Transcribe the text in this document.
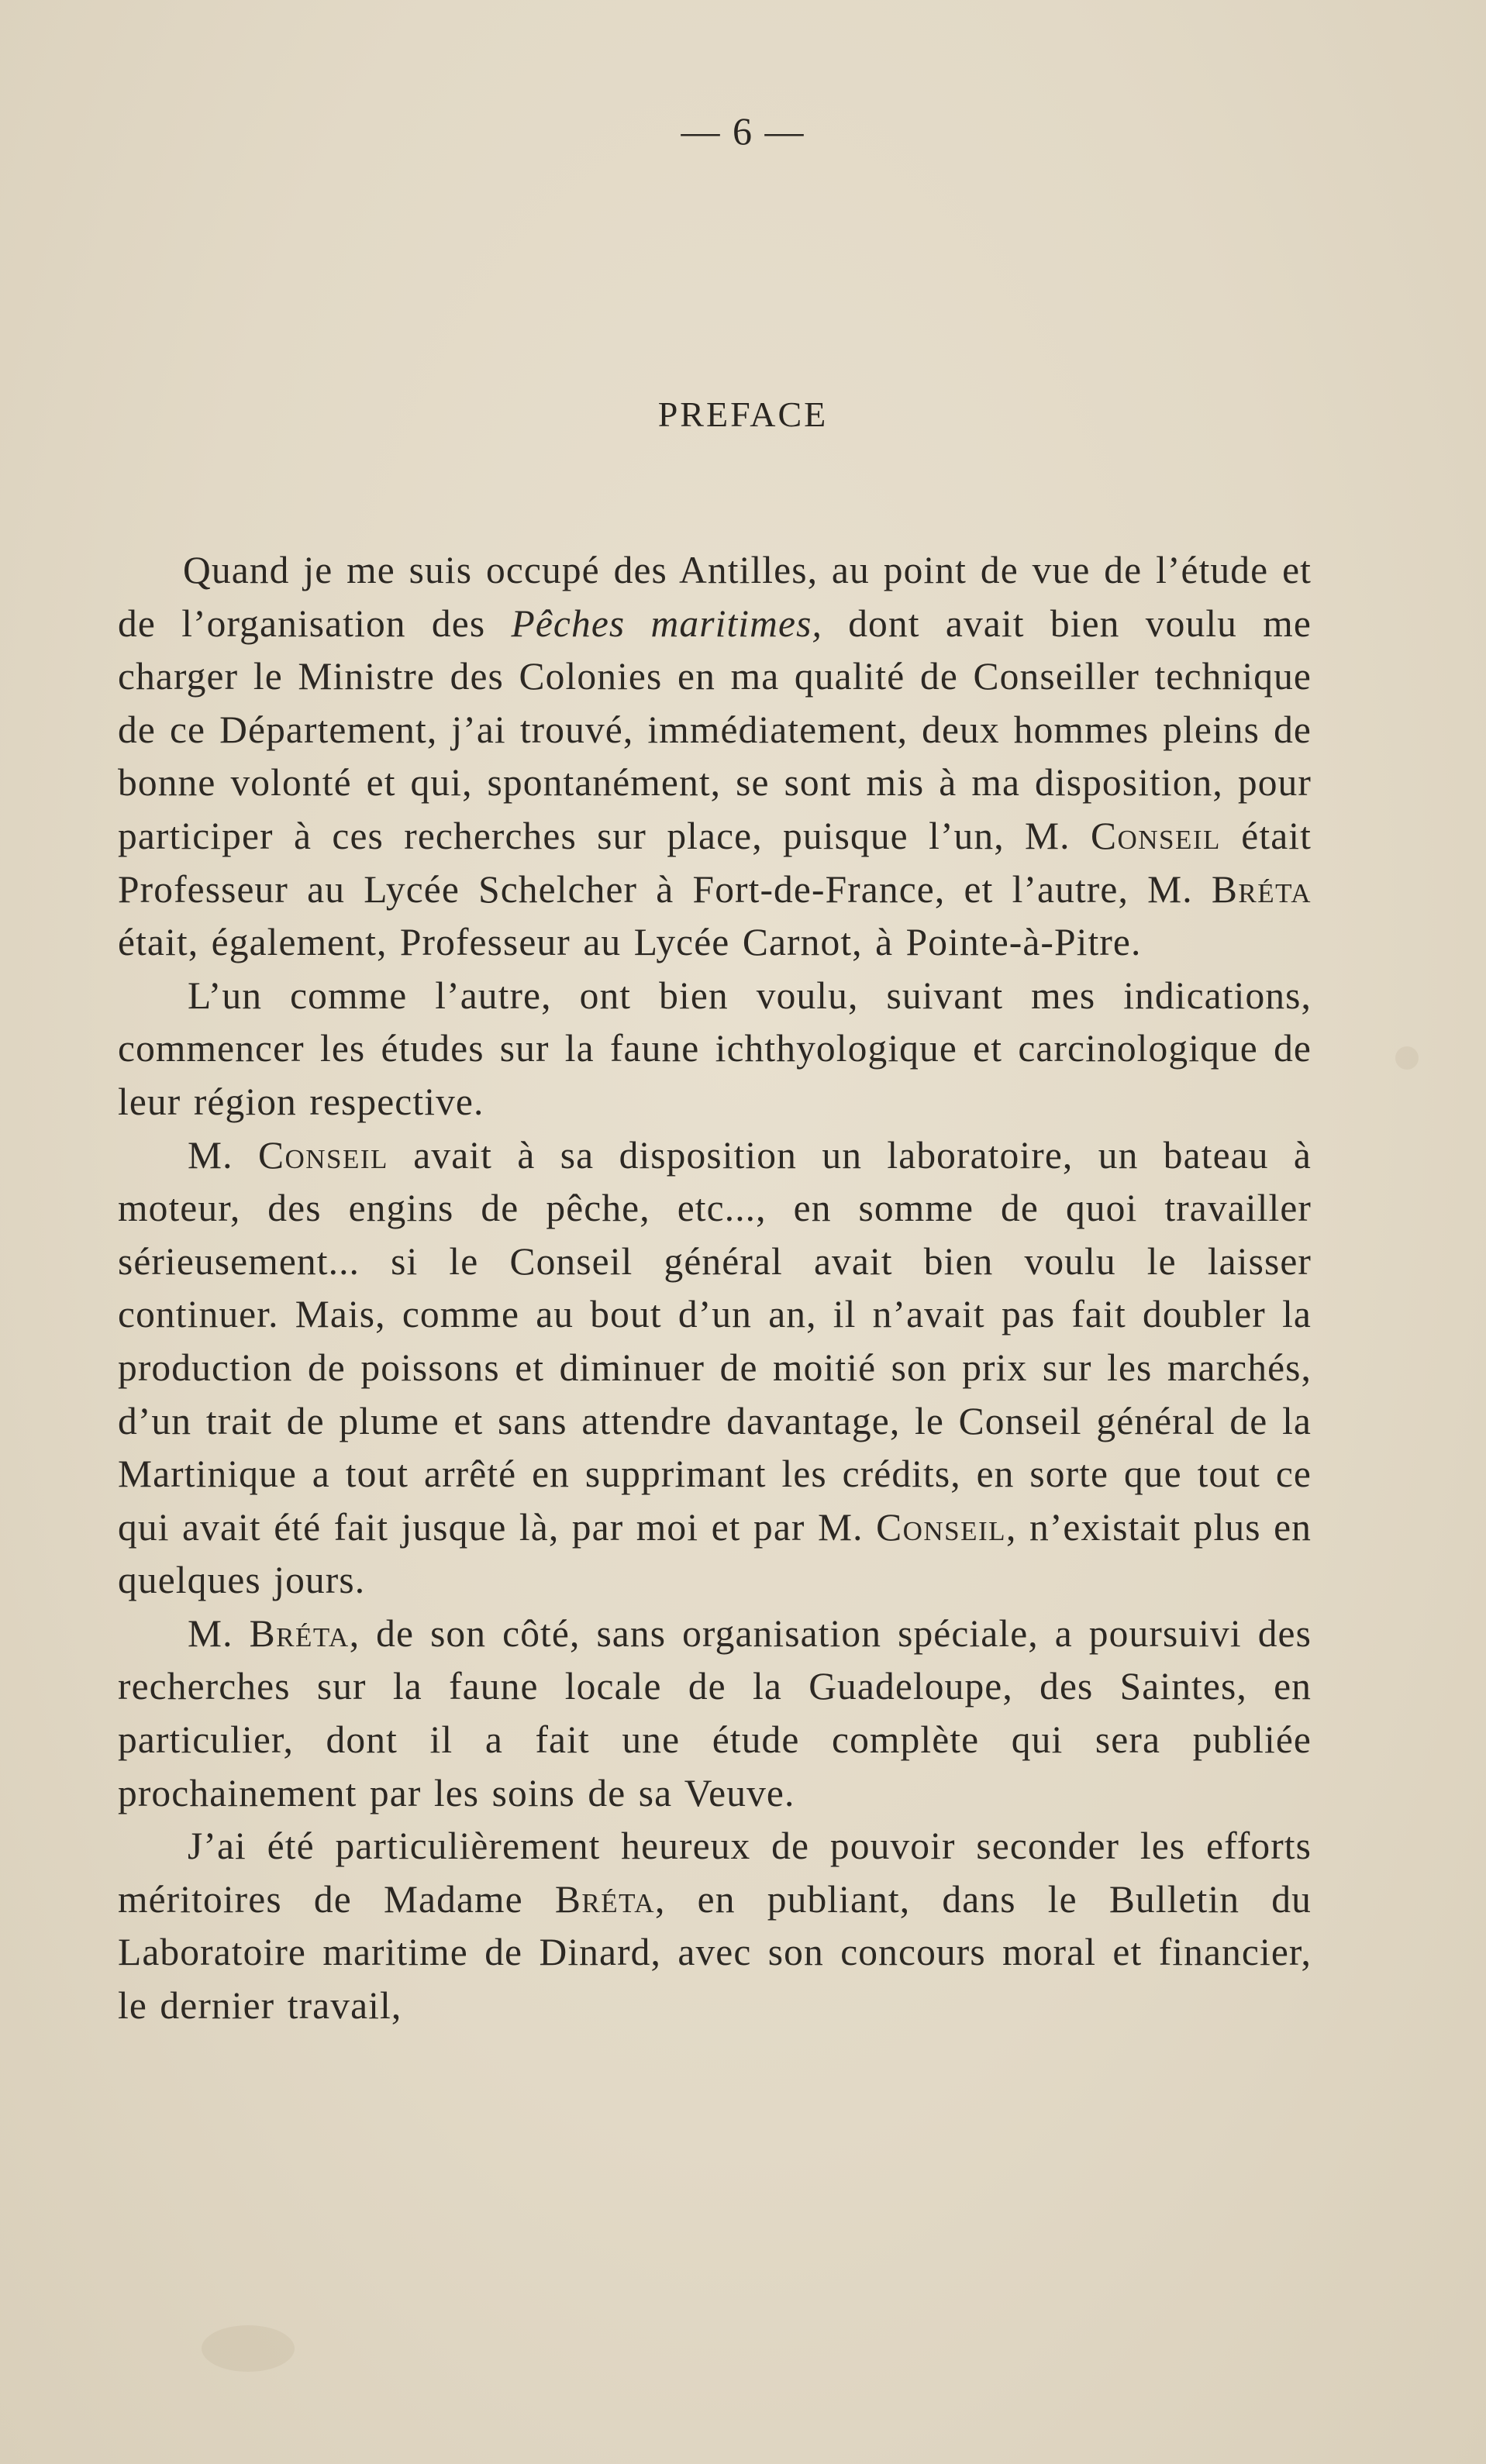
— 6 —
PREFACE

Quand je me suis occupé des Antilles, au point de vue de l’étude et de l’organisation des Pêches maritimes, dont avait bien voulu me charger le Ministre des Colonies en ma qualité de Conseiller technique de ce Département, j’ai trouvé, immédiatement, deux hommes pleins de bonne volonté et qui, spontanément, se sont mis à ma disposition, pour participer à ces recherches sur place, puisque l’un, M. Conseil était Professeur au Lycée Schelcher à Fort-de-France, et l’autre, M. Bréta était, également, Professeur au Lycée Carnot, à Pointe-à-Pitre.

L’un comme l’autre, ont bien voulu, suivant mes indications, commencer les études sur la faune ichthyologique et carcinologique de leur région respective.

M. Conseil avait à sa disposition un laboratoire, un bateau à moteur, des engins de pêche, etc..., en somme de quoi travailler sérieusement... si le Conseil général avait bien voulu le laisser continuer. Mais, comme au bout d’un an, il n’avait pas fait doubler la production de poissons et diminuer de moitié son prix sur les marchés, d’un trait de plume et sans attendre davantage, le Conseil général de la Martinique a tout arrêté en supprimant les crédits, en sorte que tout ce qui avait été fait jusque là, par moi et par M. Conseil, n’existait plus en quelques jours.

M. Bréta, de son côté, sans organisation spéciale, a poursuivi des recherches sur la faune locale de la Guadeloupe, des Saintes, en particulier, dont il a fait une étude complète qui sera publiée prochainement par les soins de sa Veuve.

J’ai été particulièrement heureux de pouvoir seconder les efforts méritoires de Madame Bréta, en publiant, dans le Bulletin du Laboratoire maritime de Dinard, avec son concours moral et financier, le dernier travail,
